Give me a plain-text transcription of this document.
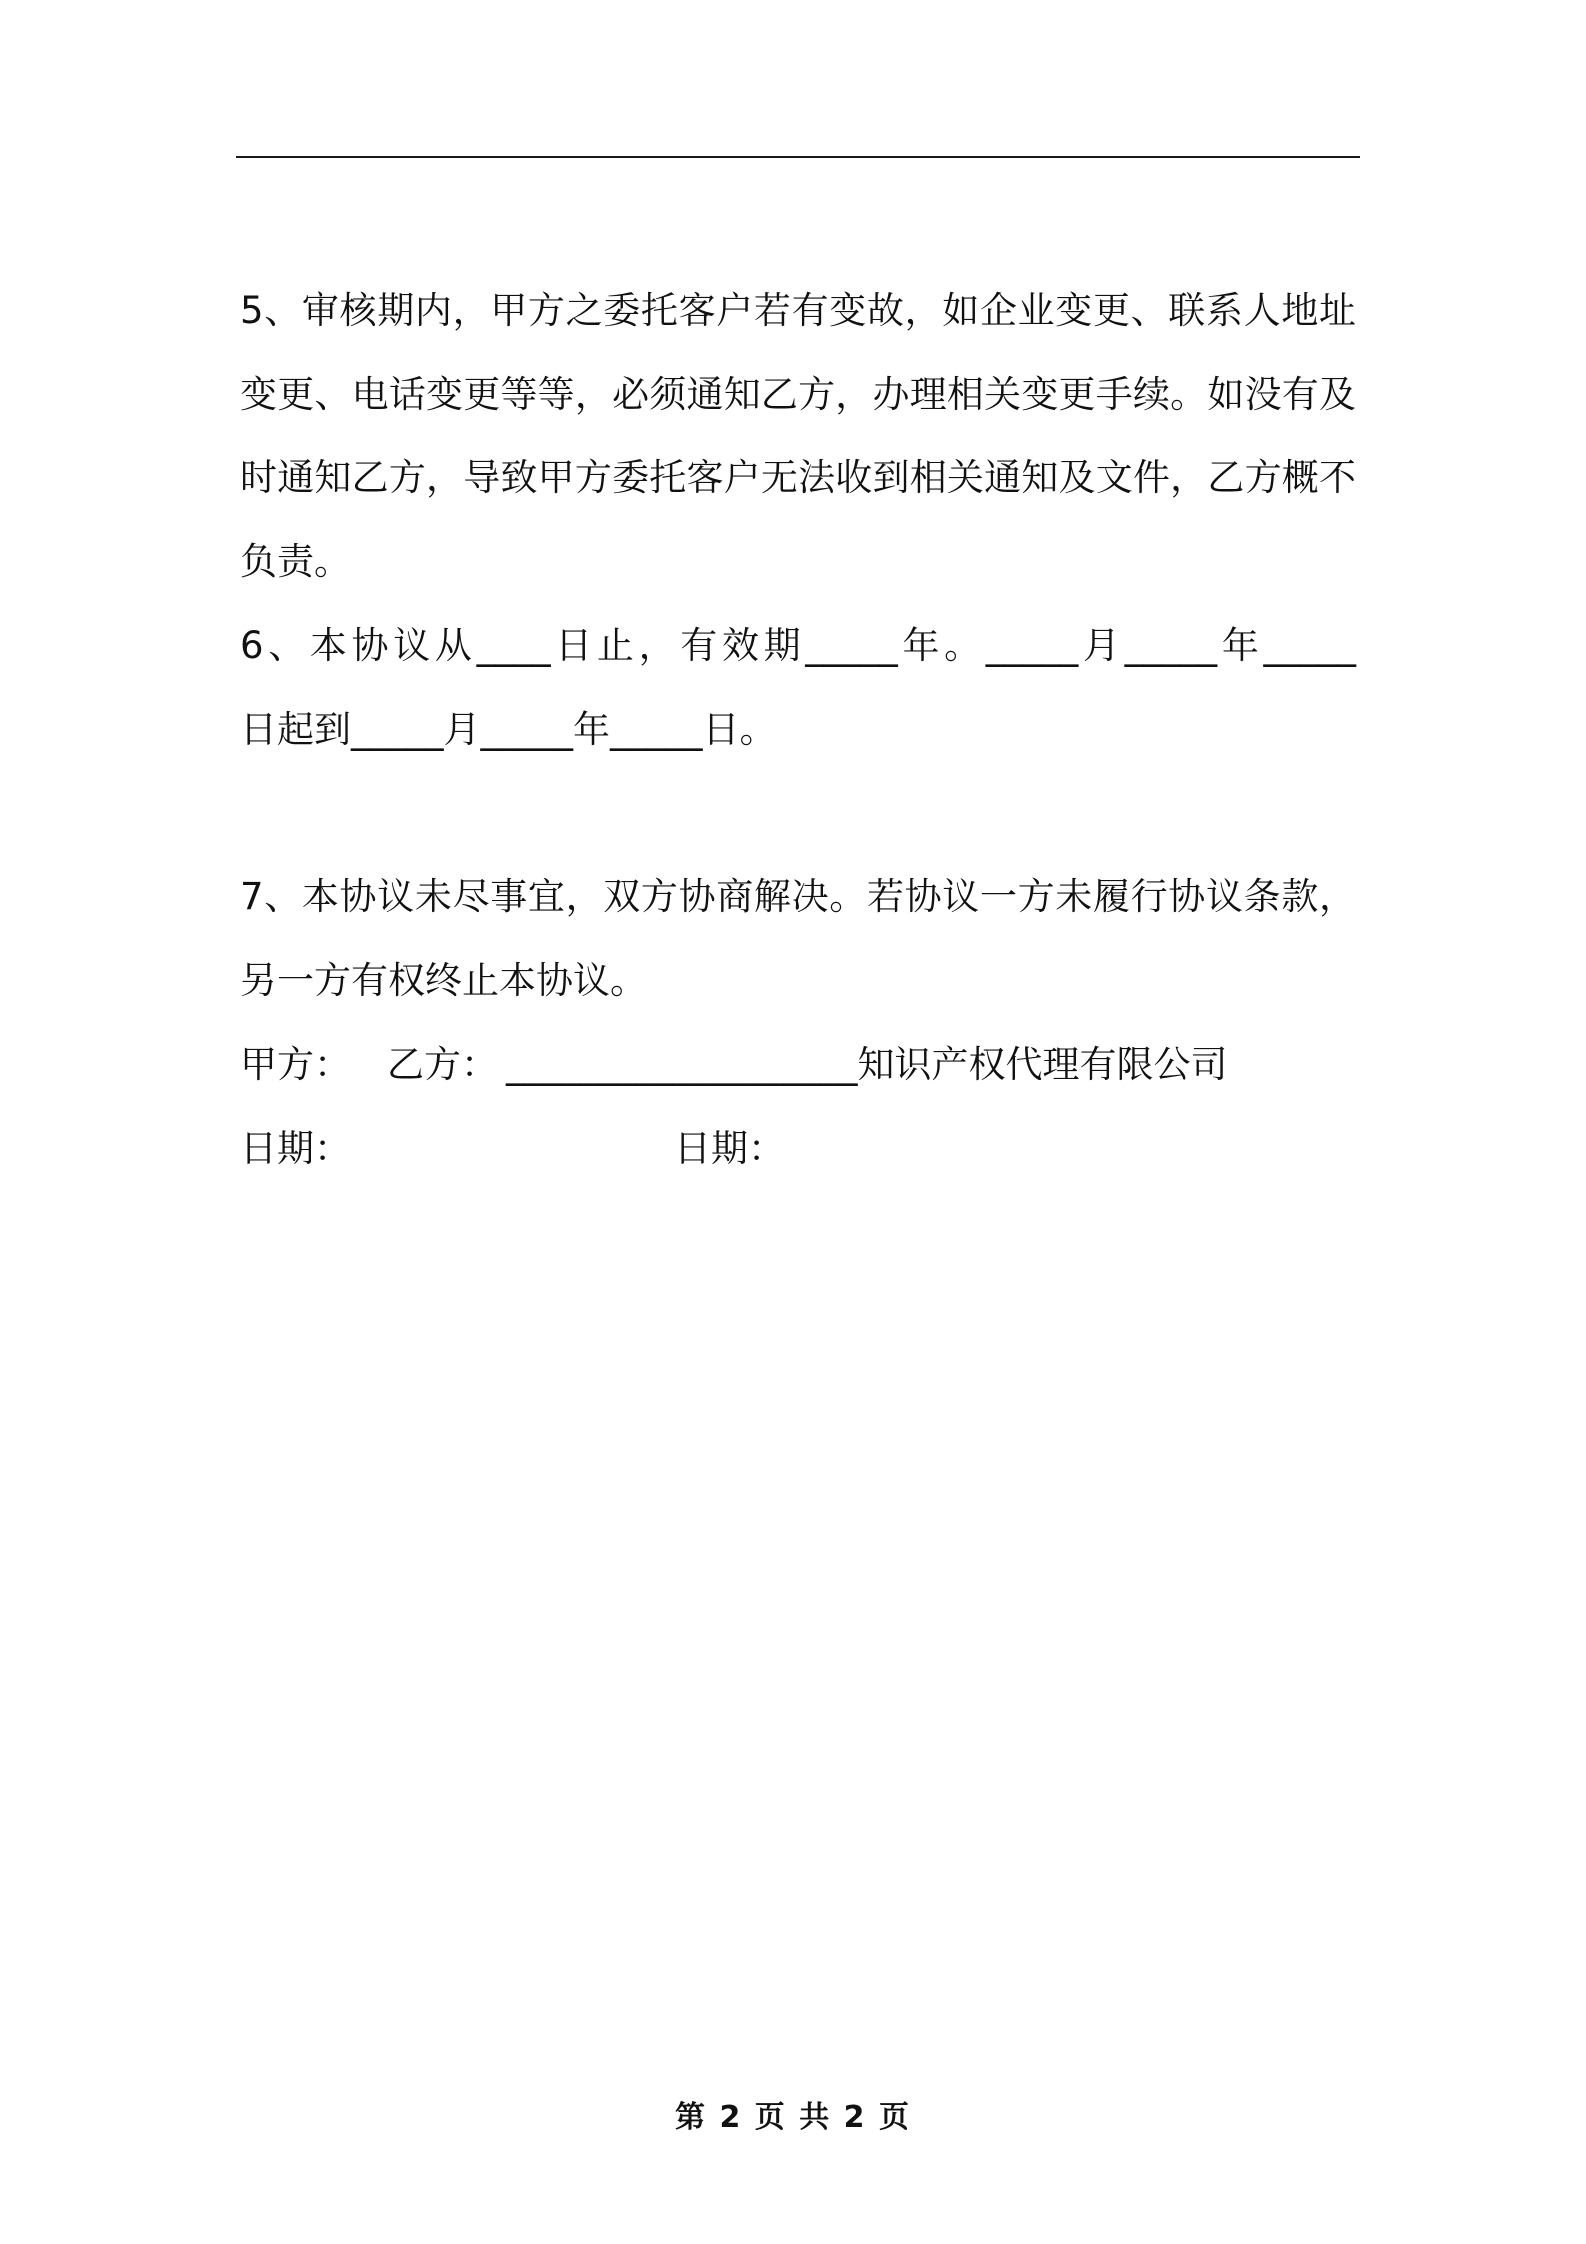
5、审核期内，甲方之委托客户若有变故，如企业变更、联系人地址
变更、电话变更等等，必须通知乙方，办理相关变更手续。如没有及
时通知乙方，导致甲方委托客户无法收到相关通知及文件，乙方概不
负责。
6、本协议从____日止，有效期_____年。_____月_____年_____
日起到_____月_____年_____日。
7、本协议未尽事宜，双方协商解决。若协议一方未履行协议条款，
另一方有权终止本协议。
甲方： 乙方： ___________________知识产权代理有限公司
日期：	日期：
第 2 页 共 2 页
